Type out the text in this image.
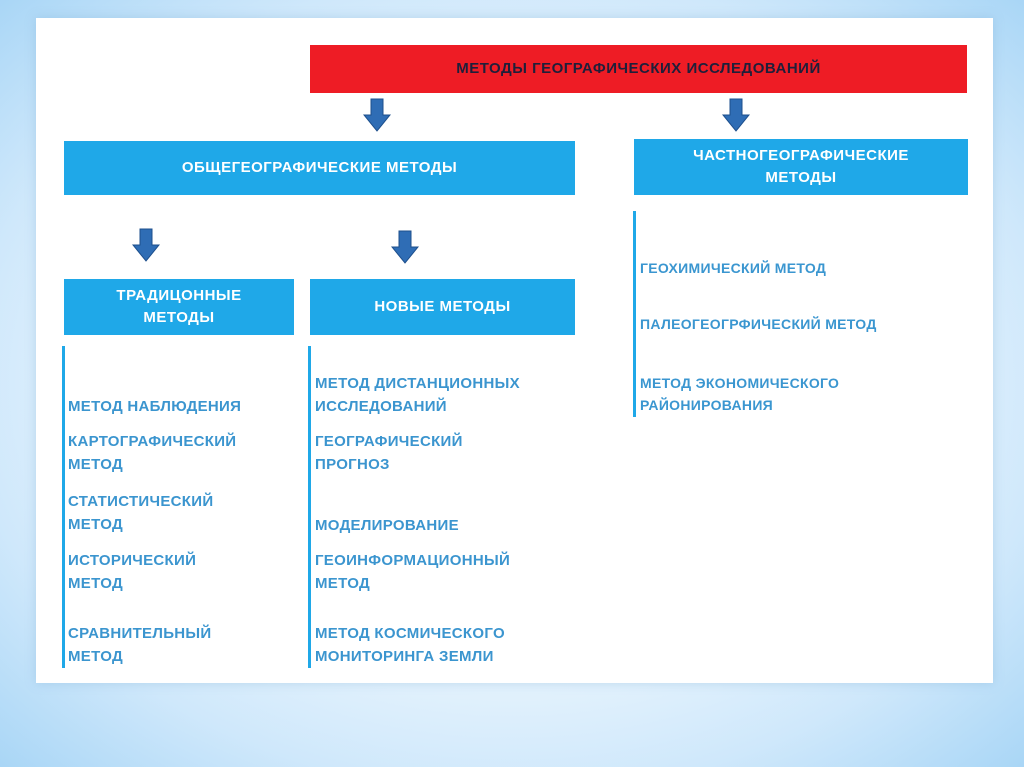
МЕТОДЫ ГЕОГРАФИЧЕСКИХ ИССЛЕДОВАНИЙ
ОБЩЕГЕОГРАФИЧЕСКИЕ МЕТОДЫ
ЧАСТНОГЕОГРАФИЧЕСКИЕ
МЕТОДЫ
ТРАДИЦОННЫЕ
МЕТОДЫ
НОВЫЕ МЕТОДЫ
МЕТОД НАБЛЮДЕНИЯ
КАРТОГРАФИЧЕСКИЙ
МЕТОД
СТАТИСТИЧЕСКИЙ
МЕТОД
ИСТОРИЧЕСКИЙ
МЕТОД
СРАВНИТЕЛЬНЫЙ
МЕТОД
МЕТОД ДИСТАНЦИОННЫХ
ИССЛЕДОВАНИЙ
ГЕОГРАФИЧЕСКИЙ
ПРОГНОЗ
МОДЕЛИРОВАНИЕ
ГЕОИНФОРМАЦИОННЫЙ
МЕТОД
МЕТОД КОСМИЧЕСКОГО
МОНИТОРИНГА ЗЕМЛИ
ГЕОХИМИЧЕСКИЙ МЕТОД
ПАЛЕОГЕОГРФИЧЕСКИЙ МЕТОД
МЕТОД ЭКОНОМИЧЕСКОГО
РАЙОНИРОВАНИЯ
